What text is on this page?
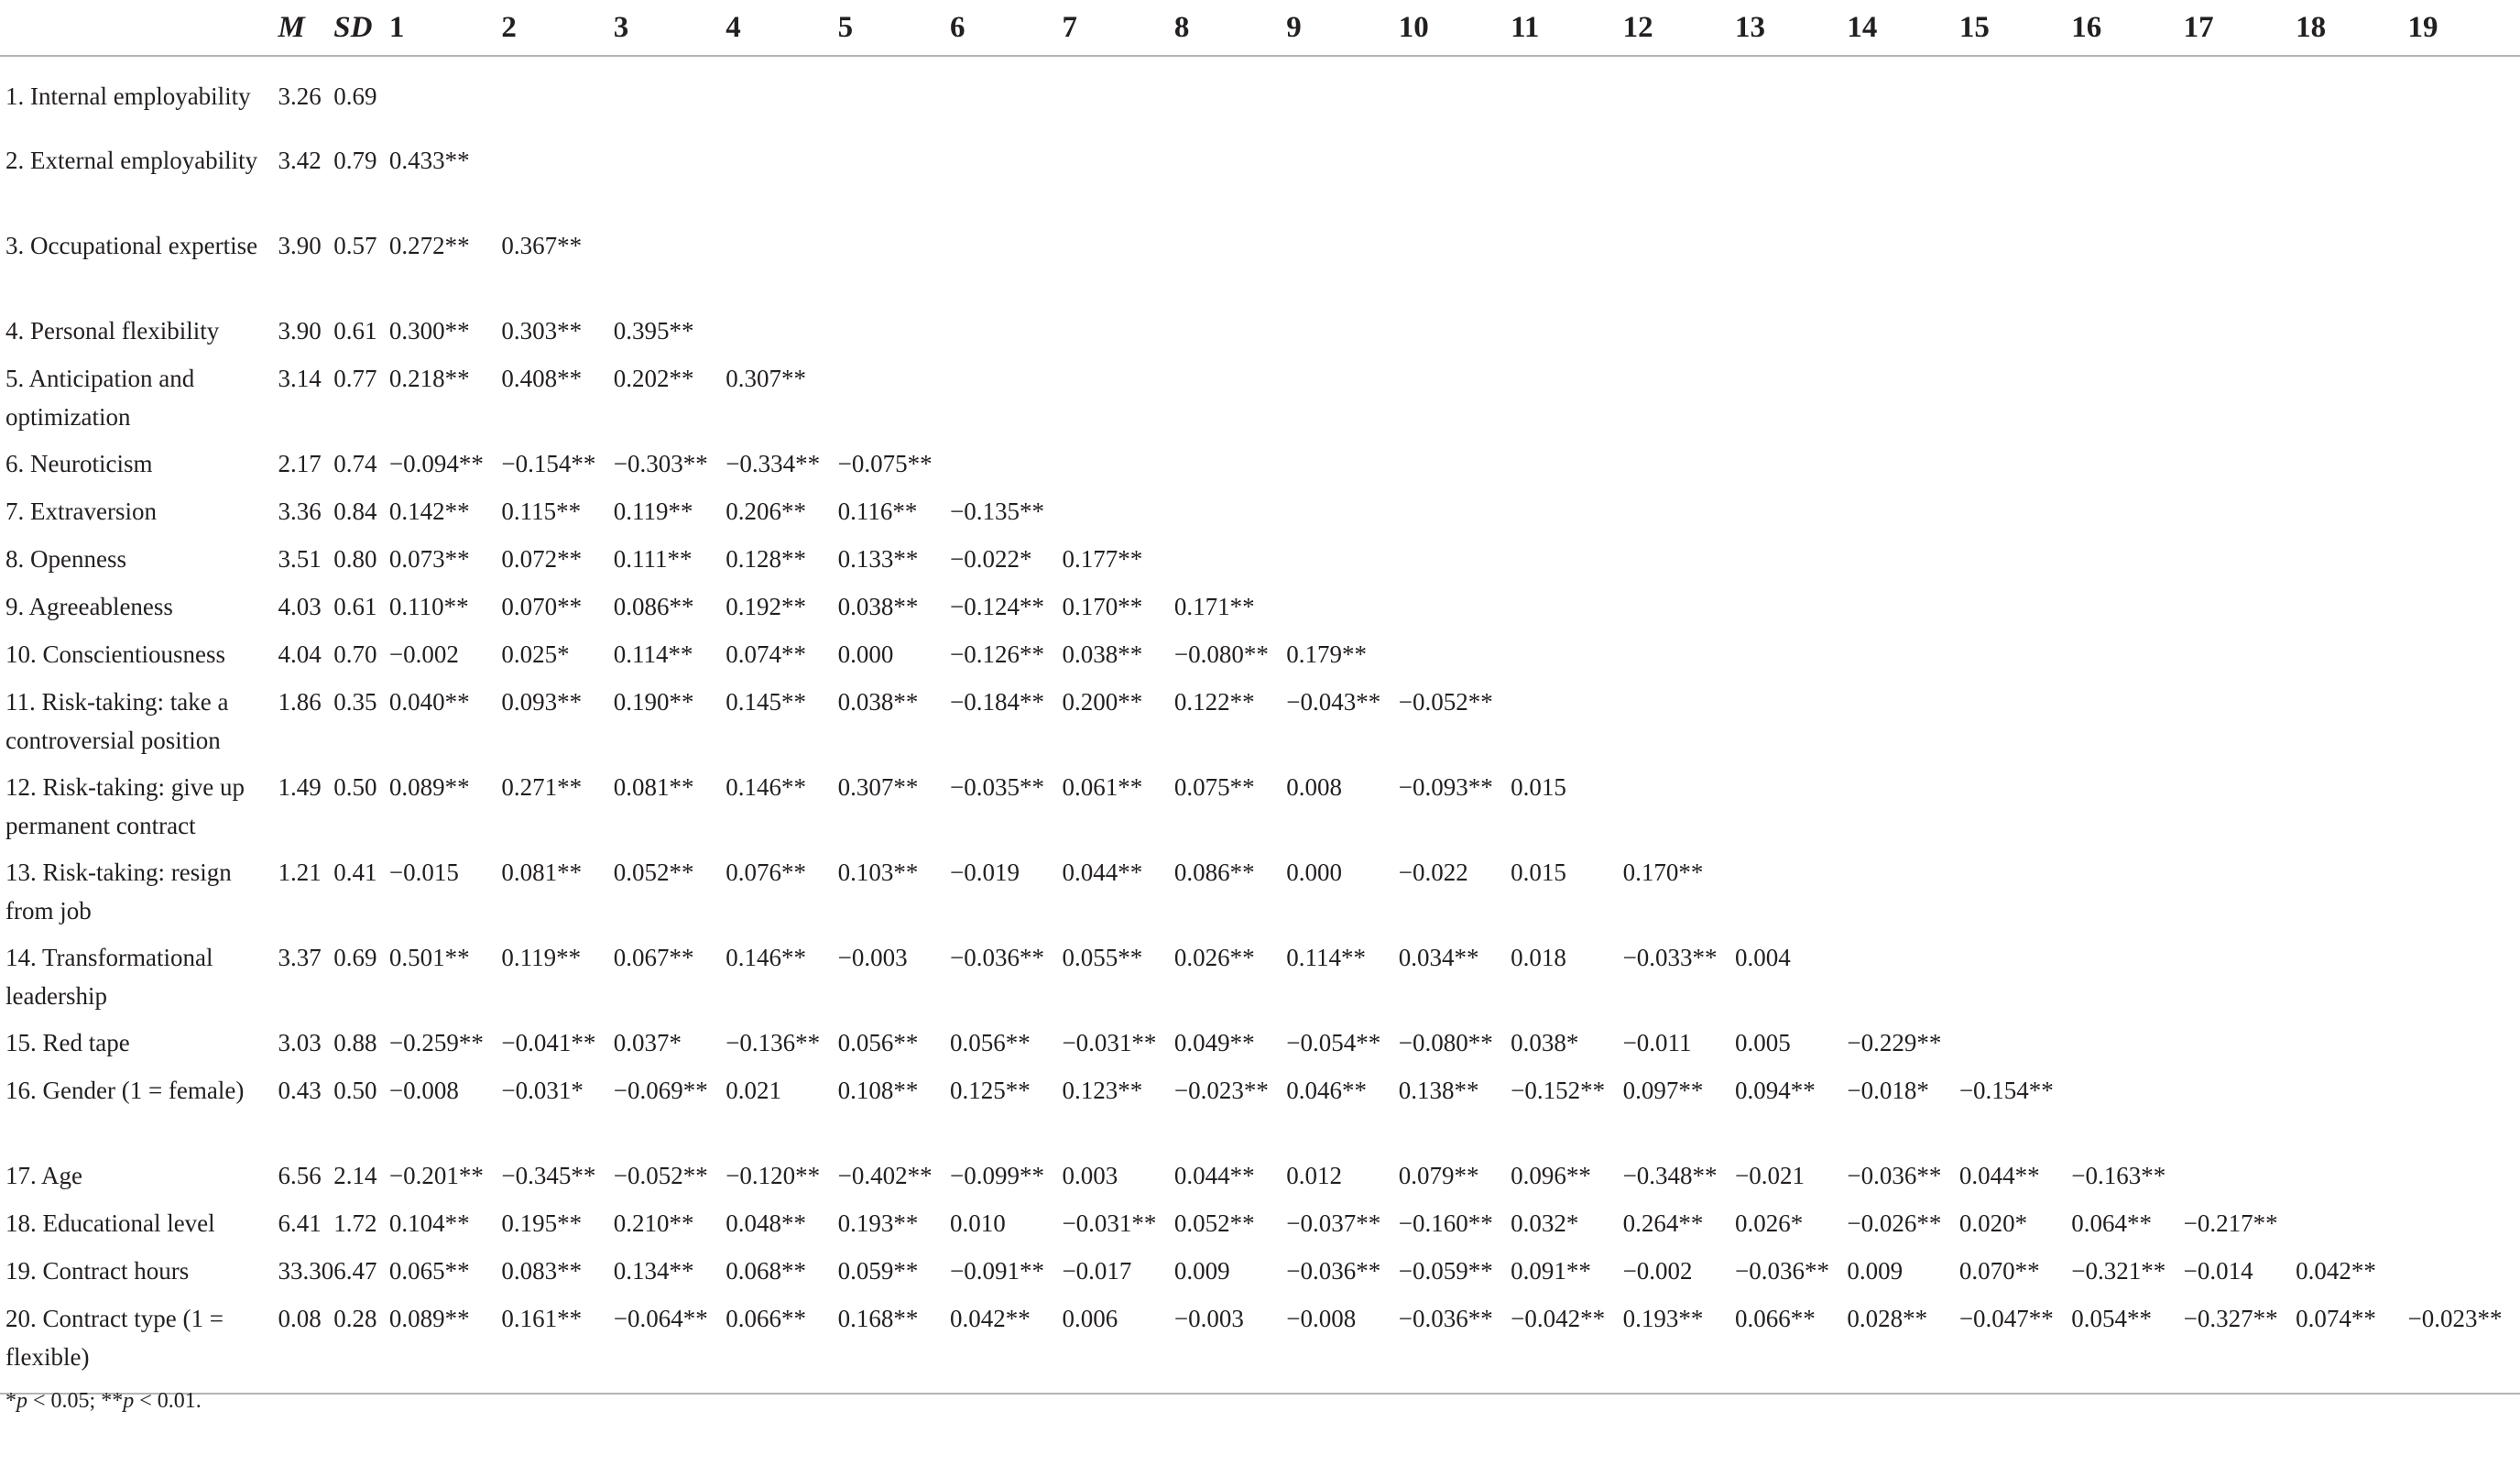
	M	SD	1	2	3	4	5	6	7	8	9	10	11	12	13	14	15	16	17	18	19
1. Internal employability	3.26	0.69																			
2. External employability	3.42	0.79	0.433**																		
3. Occupational expertise	3.90	0.57	0.272**	0.367**																	
4. Personal flexibility	3.90	0.61	0.300**	0.303**	0.395**																
5. Anticipation and optimization	3.14	0.77	0.218**	0.408**	0.202**	0.307**															
6. Neuroticism	2.17	0.74	−0.094**	−0.154**	−0.303**	−0.334**	−0.075**														
7. Extraversion	3.36	0.84	0.142**	0.115**	0.119**	0.206**	0.116**	−0.135**													
8. Openness	3.51	0.80	0.073**	0.072**	0.111**	0.128**	0.133**	−0.022*	0.177**												
9. Agreeableness	4.03	0.61	0.110**	0.070**	0.086**	0.192**	0.038**	−0.124**	0.170**	0.171**											
10. Conscientiousness	4.04	0.70	−0.002	0.025*	0.114**	0.074**	0.000	−0.126**	0.038**	−0.080**	0.179**										
11. Risk-taking: take a controversial position	1.86	0.35	0.040**	0.093**	0.190**	0.145**	0.038**	−0.184**	0.200**	0.122**	−0.043**	−0.052**									
12. Risk-taking: give up permanent contract	1.49	0.50	0.089**	0.271**	0.081**	0.146**	0.307**	−0.035**	0.061**	0.075**	0.008	−0.093**	0.015								
13. Risk-taking: resign from job	1.21	0.41	−0.015	0.081**	0.052**	0.076**	0.103**	−0.019	0.044**	0.086**	0.000	−0.022	0.015	0.170**							
14. Transformational leadership	3.37	0.69	0.501**	0.119**	0.067**	0.146**	−0.003	−0.036**	0.055**	0.026**	0.114**	0.034**	0.018	−0.033**	0.004						
15. Red tape	3.03	0.88	−0.259**	−0.041**	0.037*	−0.136**	0.056**	0.056**	−0.031**	0.049**	−0.054**	−0.080**	0.038*	−0.011	0.005	−0.229**					
16. Gender (1 = female)	0.43	0.50	−0.008	−0.031*	−0.069**	0.021	0.108**	0.125**	0.123**	−0.023**	0.046**	0.138**	−0.152**	0.097**	0.094**	−0.018*	−0.154**				
17. Age	6.56	2.14	−0.201**	−0.345**	−0.052**	−0.120**	−0.402**	−0.099**	0.003	0.044**	0.012	0.079**	0.096**	−0.348**	−0.021	−0.036**	0.044**	−0.163**			
18. Educational level	6.41	1.72	0.104**	0.195**	0.210**	0.048**	0.193**	0.010	−0.031**	0.052**	−0.037**	−0.160**	0.032*	0.264**	0.026*	−0.026**	0.020*	0.064**	−0.217**		
19. Contract hours	33.30	6.47	0.065**	0.083**	0.134**	0.068**	0.059**	−0.091**	−0.017	0.009	−0.036**	−0.059**	0.091**	−0.002	−0.036**	0.009	0.070**	−0.321**	−0.014	0.042**	
20. Contract type (1 = flexible)	0.08	0.28	0.089**	0.161**	−0.064**	0.066**	0.168**	0.042**	0.006	−0.003	−0.008	−0.036**	−0.042**	0.193**	0.066**	0.028**	−0.047**	0.054**	−0.327**	0.074**	−0.023**
*p < 0.05; **p < 0.01.
